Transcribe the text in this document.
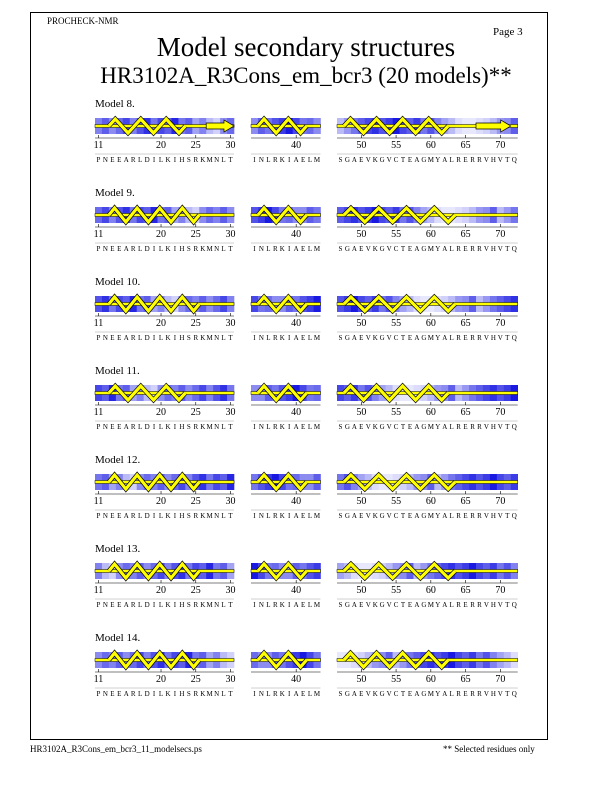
PROCHECK-NMR
Page 3
Model secondary structures
HR3102A_R3Cons_em_bcr3 (20 models)**
Model 8.
11	20 25 30
P N E E A R L D I L K I H S R K M N L T
40
I N L R K I A E L M
50 55 60 65 70
S G A E V K G V C T E A G M Y A L R E R R V H V T Q
Model 9.
11	20 25 30
P N E E A R L D I L K I H S R K M N L T
40
I N L R K I A E L M
50 55 60 65 70
S G A E V K G V C T E A G M Y A L R E R R V H V T Q
Model 10.
11	20 25 30
P N E E A R L D I L K I H S R K M N L T
40
I N L R K I A E L M
50 55 60 65 70
S G A E V K G V C T E A G M Y A L R E R R V H V T Q
Model 11.
11	20 25 30
P N E E A R L D I L K I H S R K M N L T
40
I N L R K I A E L M
50 55 60 65 70
S G A E V K G V C T E A G M Y A L R E R R V H V T Q
Model 12.
11	20 25 30
P N E E A R L D I L K I H S R K M N L T
40
I N L R K I A E L M
50 55 60 65 70
S G A E V K G V C T E A G M Y A L R E R R V H V T Q
Model 13.
11	20 25 30
P N E E A R L D I L K I H S R K M N L T
40
I N L R K I A E L M
50 55 60 65 70
S G A E V K G V C T E A G M Y A L R E R R V H V T Q
Model 14.
11	20 25 30
P N E E A R L D I L K I H S R K M N L T
40
I N L R K I A E L M
50 55 60 65 70
S G A E V K G V C T E A G M Y A L R E R R V H V T Q
HR3102A_R3Cons_em_bcr3_11_modelsecs.ps	** Selected residues only
